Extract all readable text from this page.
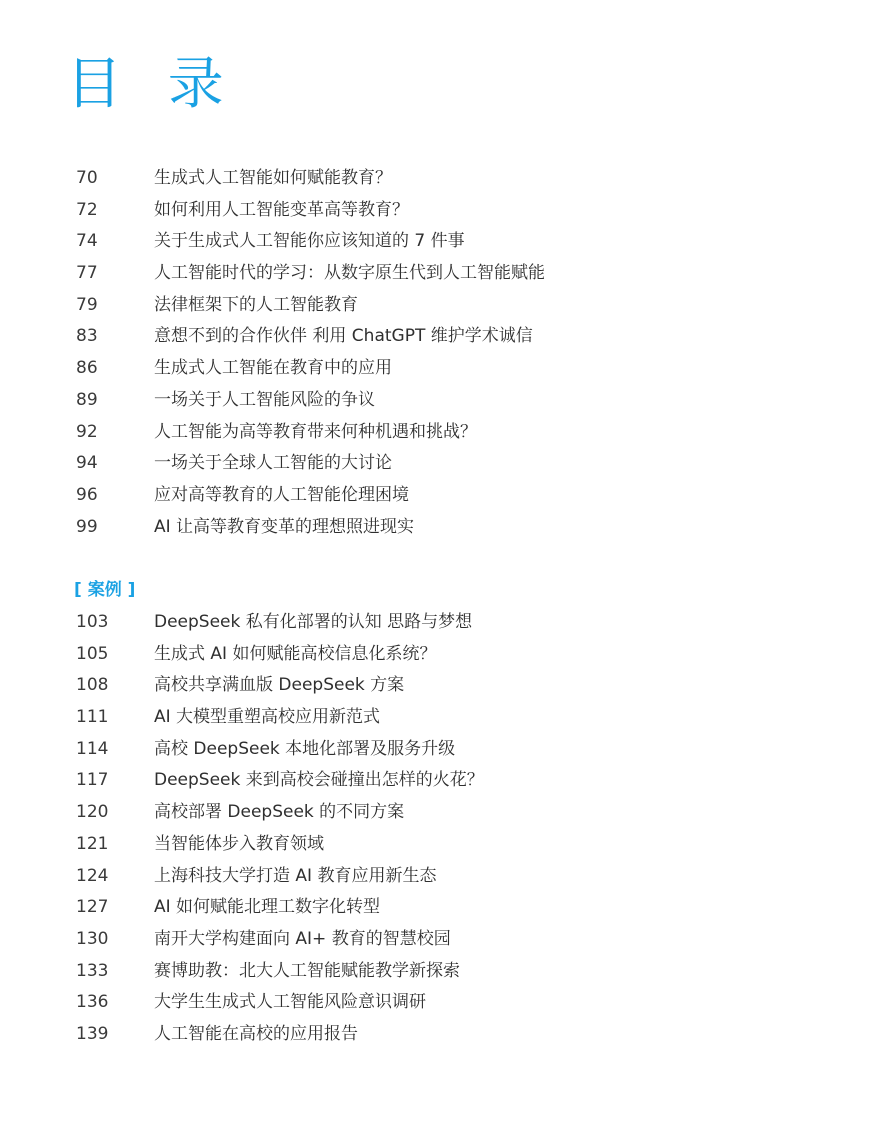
目 录
70	生成式人工智能如何赋能教育？
72	如何利用人工智能变革高等教育？
74	关于生成式人工智能你应该知道的 7 件事
77	人工智能时代的学习：从数字原生代到人工智能赋能
79	法律框架下的人工智能教育
83	意想不到的合作伙伴 利用 ChatGPT 维护学术诚信
86	生成式人工智能在教育中的应用
89	一场关于人工智能风险的争议
92	人工智能为高等教育带来何种机遇和挑战？
94	一场关于全球人工智能的大讨论
96	应对高等教育的人工智能伦理困境
99	AI 让高等教育变革的理想照进现实
[ 案例 ]
103	DeepSeek 私有化部署的认知 思路与梦想
105	生成式 AI 如何赋能高校信息化系统？
108	高校共享满血版 DeepSeek 方案
111	AI 大模型重塑高校应用新范式
114	高校 DeepSeek 本地化部署及服务升级
117	DeepSeek 来到高校会碰撞出怎样的火花？
120	高校部署 DeepSeek 的不同方案
121	当智能体步入教育领域
124	上海科技大学打造 AI 教育应用新生态
127	AI 如何赋能北理工数字化转型
130	南开大学构建面向 AI+ 教育的智慧校园
133	赛博助教：北大人工智能赋能教学新探索
136	大学生生成式人工智能风险意识调研
139	人工智能在高校的应用报告
